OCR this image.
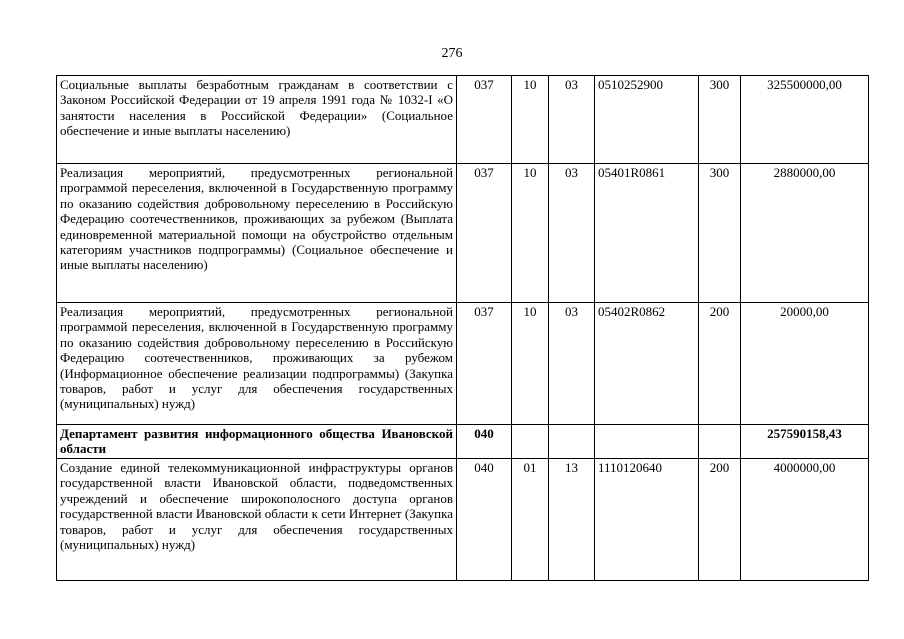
276
Социальные выплаты безработным гражданам в соответствии с Законом Российской Федерации от 19 апреля 1991 года № 1032-I «О занятости населения в Российской Федерации» (Социальное обеспечение и иные выплаты населению)	037	10	03	0510252900	300	325500000,00
Реализация мероприятий, предусмотренных региональной программой переселения, включенной в Государственную программу по оказанию содействия добровольному переселению в Российскую Федерацию соотечественников, проживающих за рубежом (Выплата единовременной материальной помощи на обустройство отдельным категориям участников подпрограммы) (Социальное обеспечение и иные выплаты населению)	037	10	03	05401R0861	300	2880000,00
Реализация мероприятий, предусмотренных региональной программой переселения, включенной в Государственную программу по оказанию содействия добровольному переселению в Российскую Федерацию соотечественников, проживающих за рубежом (Информационное обеспечение реализации подпрограммы) (Закупка товаров, работ и услуг для обеспечения государственных (муниципальных) нужд)	037	10	03	05402R0862	200	20000,00
Департамент развития информационного общества Ивановской области	040					257590158,43
Создание единой телекоммуникационной инфраструктуры органов государственной власти Ивановской области, подведомственных учреждений и обеспечение широкополосного доступа органов государственной власти Ивановской области к сети Интернет (Закупка товаров, работ и услуг для обеспечения государственных (муниципальных) нужд)	040	01	13	1110120640	200	4000000,00
